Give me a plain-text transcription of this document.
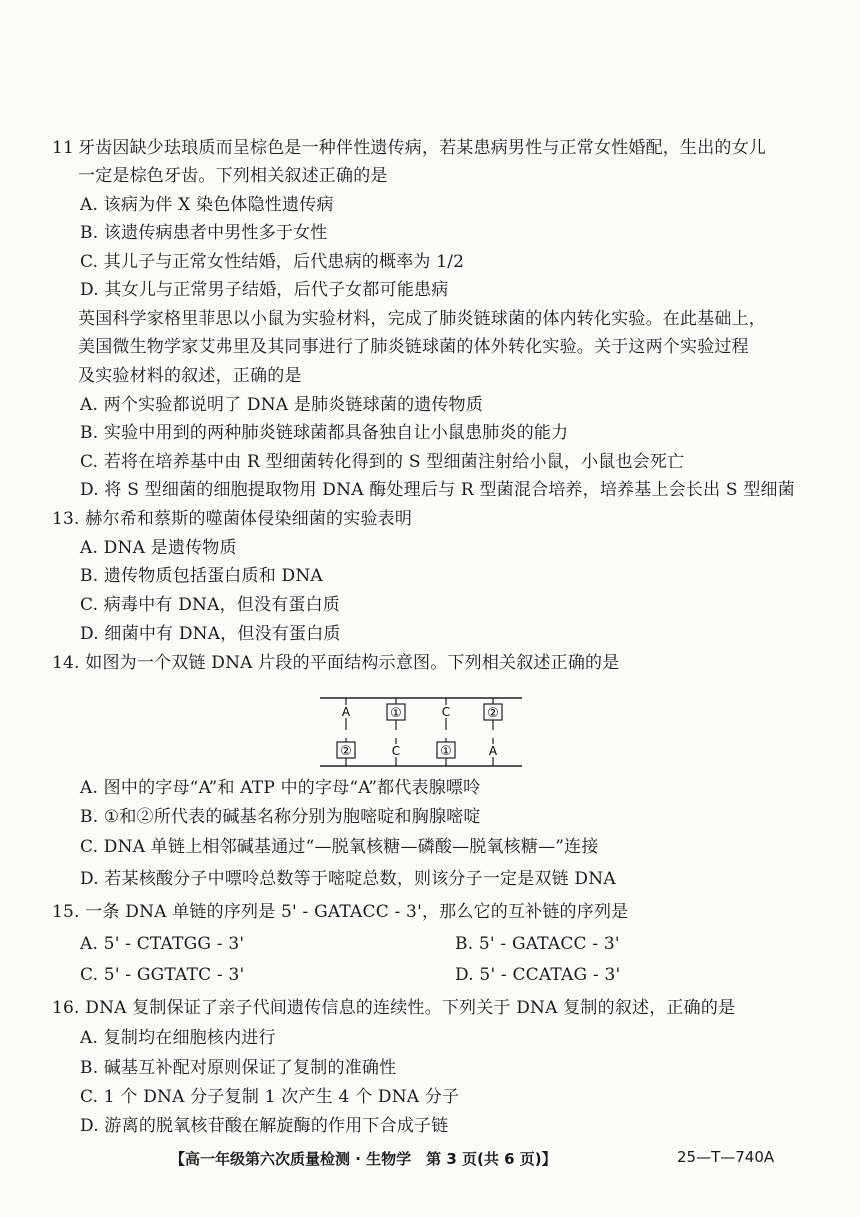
11 牙齿因缺少珐琅质而呈棕色是一种伴性遗传病，若某患病男性与正常女性婚配，生出的女儿
一定是棕色牙齿。下列相关叙述正确的是
A. 该病为伴 X 染色体隐性遗传病
B. 该遗传病患者中男性多于女性
C. 其儿子与正常女性结婚，后代患病的概率为 1/2
D. 其女儿与正常男子结婚，后代子女都可能患病
英国科学家格里菲思以小鼠为实验材料，完成了肺炎链球菌的体内转化实验。在此基础上，
美国微生物学家艾弗里及其同事进行了肺炎链球菌的体外转化实验。关于这两个实验过程
及实验材料的叙述，正确的是
A. 两个实验都说明了 DNA 是肺炎链球菌的遗传物质
B. 实验中用到的两种肺炎链球菌都具备独自让小鼠患肺炎的能力
C. 若将在培养基中由 R 型细菌转化得到的 S 型细菌注射给小鼠，小鼠也会死亡
D. 将 S 型细菌的细胞提取物用 DNA 酶处理后与 R 型菌混合培养，培养基上会长出 S 型细菌
13. 赫尔希和蔡斯的噬菌体侵染细菌的实验表明
A. DNA 是遗传物质
B. 遗传物质包括蛋白质和 DNA
C. 病毒中有 DNA，但没有蛋白质
D. 细菌中有 DNA，但没有蛋白质
14. 如图为一个双链 DNA 片段的平面结构示意图。下列相关叙述正确的是
A	①	C	②
②	C	①	A
A. 图中的字母“A”和 ATP 中的字母“A”都代表腺嘌呤
B. ①和②所代表的碱基名称分别为胞嘧啶和胸腺嘧啶
C. DNA 单链上相邻碱基通过“—脱氧核糖—磷酸—脱氧核糖—”连接
D. 若某核酸分子中嘌呤总数等于嘧啶总数，则该分子一定是双链 DNA
15. 一条 DNA 单链的序列是 5' - GATACC - 3'，那么它的互补链的序列是
A. 5' - CTATGG - 3'	B. 5' - GATACC - 3'
C. 5' - GGTATC - 3'	D. 5' - CCATAG - 3'
16. DNA 复制保证了亲子代间遗传信息的连续性。下列关于 DNA 复制的叙述，正确的是
A. 复制均在细胞核内进行
B. 碱基互补配对原则保证了复制的准确性
C. 1 个 DNA 分子复制 1 次产生 4 个 DNA 分子
D. 游离的脱氧核苷酸在解旋酶的作用下合成子链
【高一年级第六次质量检测 · 生物学　第 3 页(共 6 页)】	25—T—740A
